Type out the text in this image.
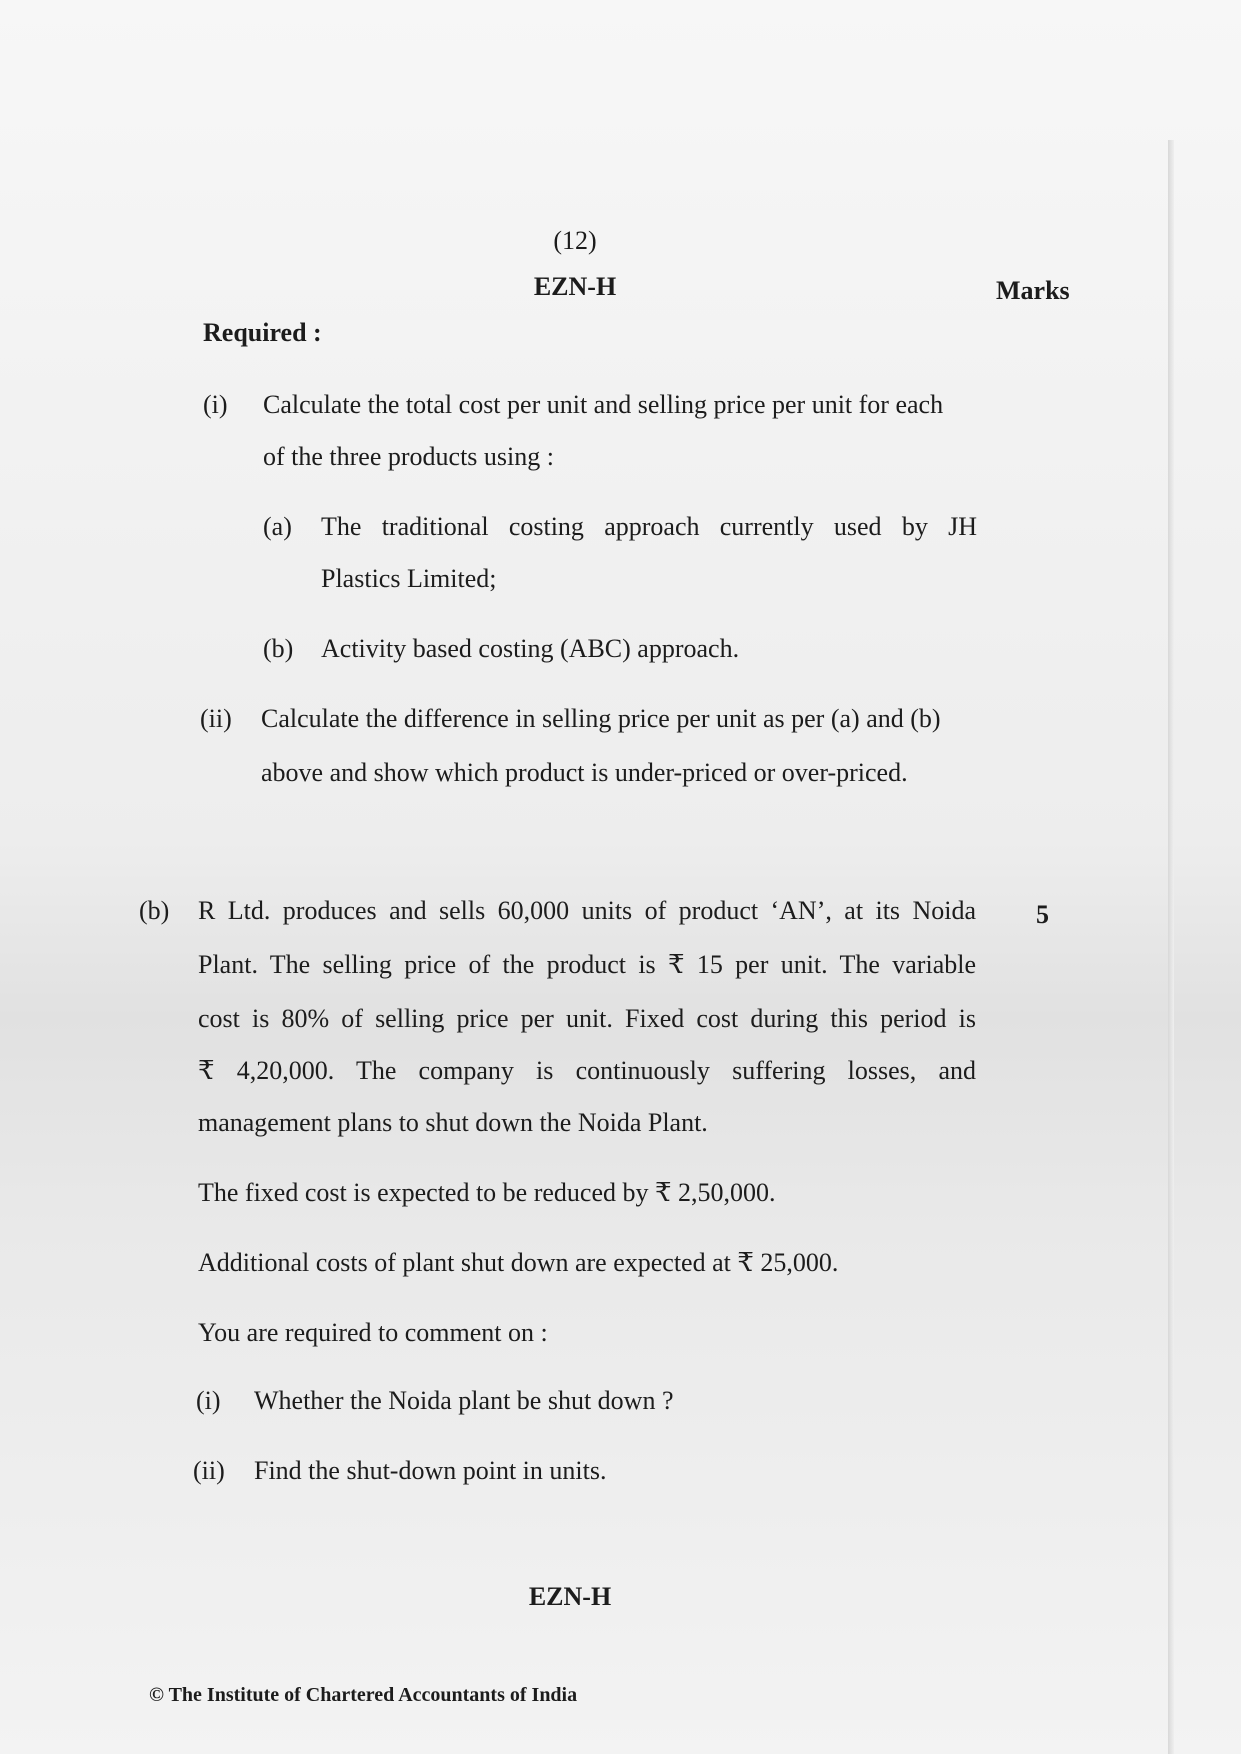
(12)
EZN-H	Marks
Required :
(i) Calculate the total cost per unit and selling price per unit for each
of the three products using :
(a) The traditional costing approach currently used by JH
Plastics Limited;
(b) Activity based costing (ABC) approach.
(ii) Calculate the difference in selling price per unit as per (a) and (b)
above and show which product is under-priced or over-priced.
(b)	5
R Ltd. produces and sells 60,000 units of product ‘AN’, at its Noida
Plant. The selling price of the product is ₹ 15 per unit. The variable
cost is 80% of selling price per unit. Fixed cost during this period is
₹ 4,20,000. The company is continuously suffering losses, and
management plans to shut down the Noida Plant.
The fixed cost is expected to be reduced by ₹ 2,50,000.
Additional costs of plant shut down are expected at ₹ 25,000.
You are required to comment on :
(i) Whether the Noida plant be shut down ?
(ii) Find the shut-down point in units.
EZN-H
© The Institute of Chartered Accountants of India
